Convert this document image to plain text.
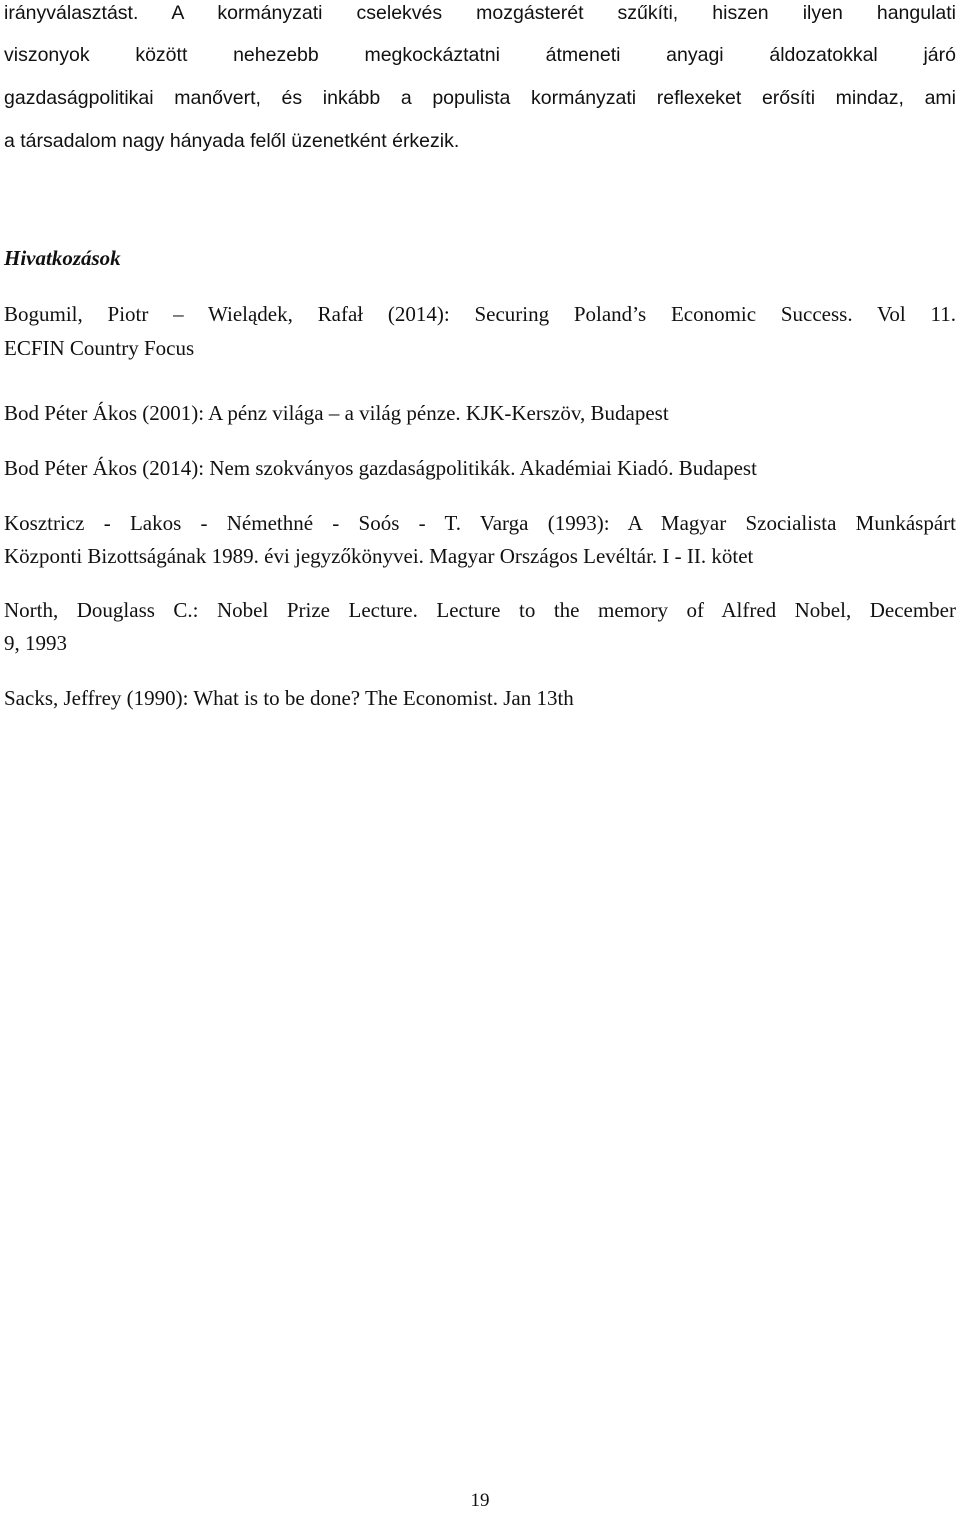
irányválasztást. A kormányzati cselekvés mozgásterét szűkíti, hiszen ilyen hangulati
viszonyok között nehezebb megkockáztatni átmeneti anyagi áldozatokkal járó
gazdaságpolitikai manővert, és inkább a populista kormányzati reflexeket erősíti mindaz, ami
a társadalom nagy hányada felől üzenetként érkezik.
Hivatkozások
Bogumil, Piotr – Wielądek, Rafał (2014): Securing Poland’s Economic Success. Vol 11.
ECFIN Country Focus
Bod Péter Ákos (2001): A pénz világa – a világ pénze. KJK-Kerszöv, Budapest
Bod Péter Ákos (2014): Nem szokványos gazdaságpolitikák. Akadémiai Kiadó. Budapest
Kosztricz - Lakos - Némethné - Soós - T. Varga (1993): A Magyar Szocialista Munkáspárt
Központi Bizottságának 1989. évi jegyzőkönyvei. Magyar Országos Levéltár. I - II. kötet
North, Douglass C.: Nobel Prize Lecture. Lecture to the memory of Alfred Nobel, December
9, 1993
Sacks, Jeffrey (1990): What is to be done? The Economist. Jan 13th
19
